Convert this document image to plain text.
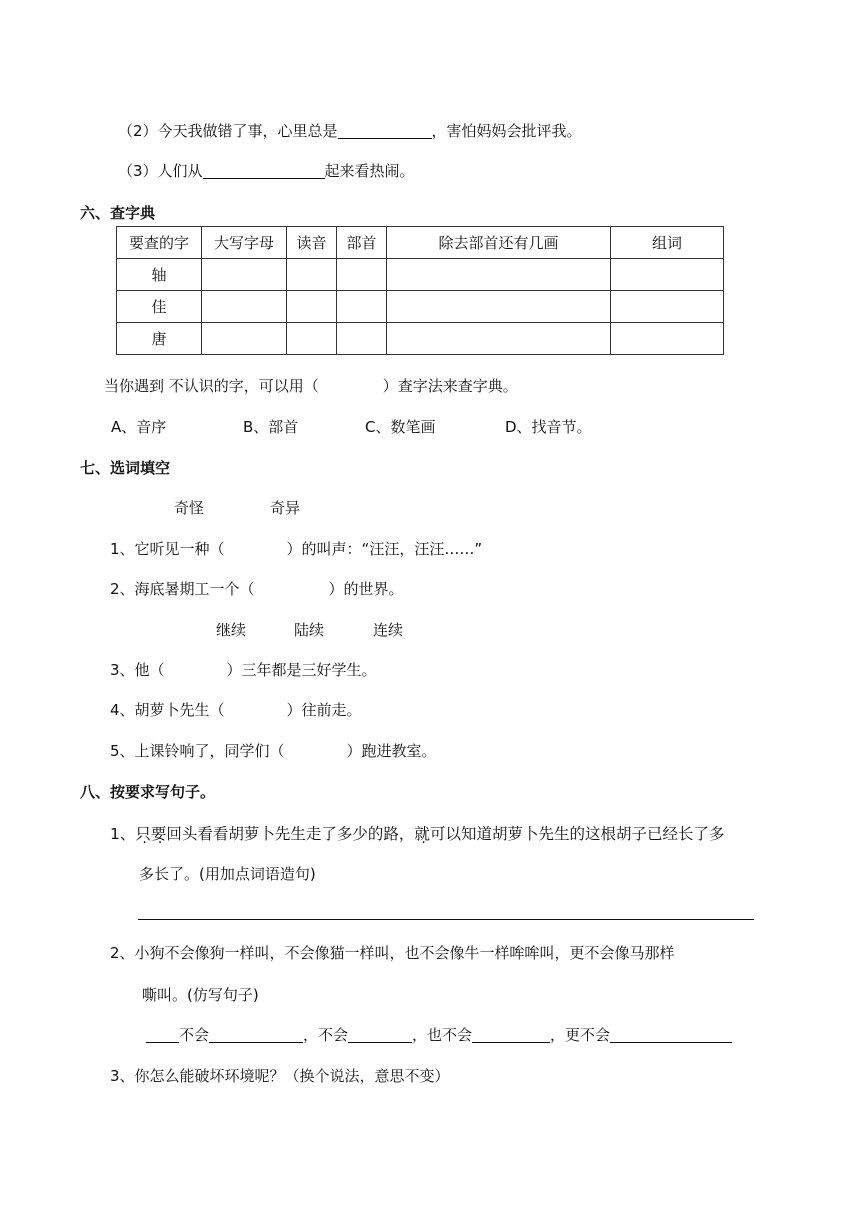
（2）今天我做错了事，心里总是	，害怕妈妈会批评我。
（3）人们从	起来看热闹。
六、查字典
要查的字	大写字母	读音	部首	除去部首还有几画	组词
轴					
佳					
唐					
当你遇到 不认识的字，可以用（	）查字法来查字典。
A、音序	B、部首	C、数笔画	D、找音节。
七、选词填空
奇怪	奇异
1、它听见一种（	）的叫声：“汪汪，汪汪……”
2、海底暑期工一个（	）的世界。
继续	陆续	连续
3、他（	）三年都是三好学生。
4、胡萝卜先生（	）往前走。
5、上课铃响了，同学们（	）跑进教室。
八、按要求写句子。
1、只要回头看看胡萝卜先生走了多少的路，就可以知道胡萝卜先生的这根胡子已经长了多
多长了。(用加点词语造句)
2、小狗不会像狗一样叫，不会像猫一样叫，也不会像牛一样哞哞叫，更不会像马那样
嘶叫。(仿写句子)
不会	，不会	，也不会	，更不会
3、你怎么能破坏环境呢？（换个说法，意思不变）
